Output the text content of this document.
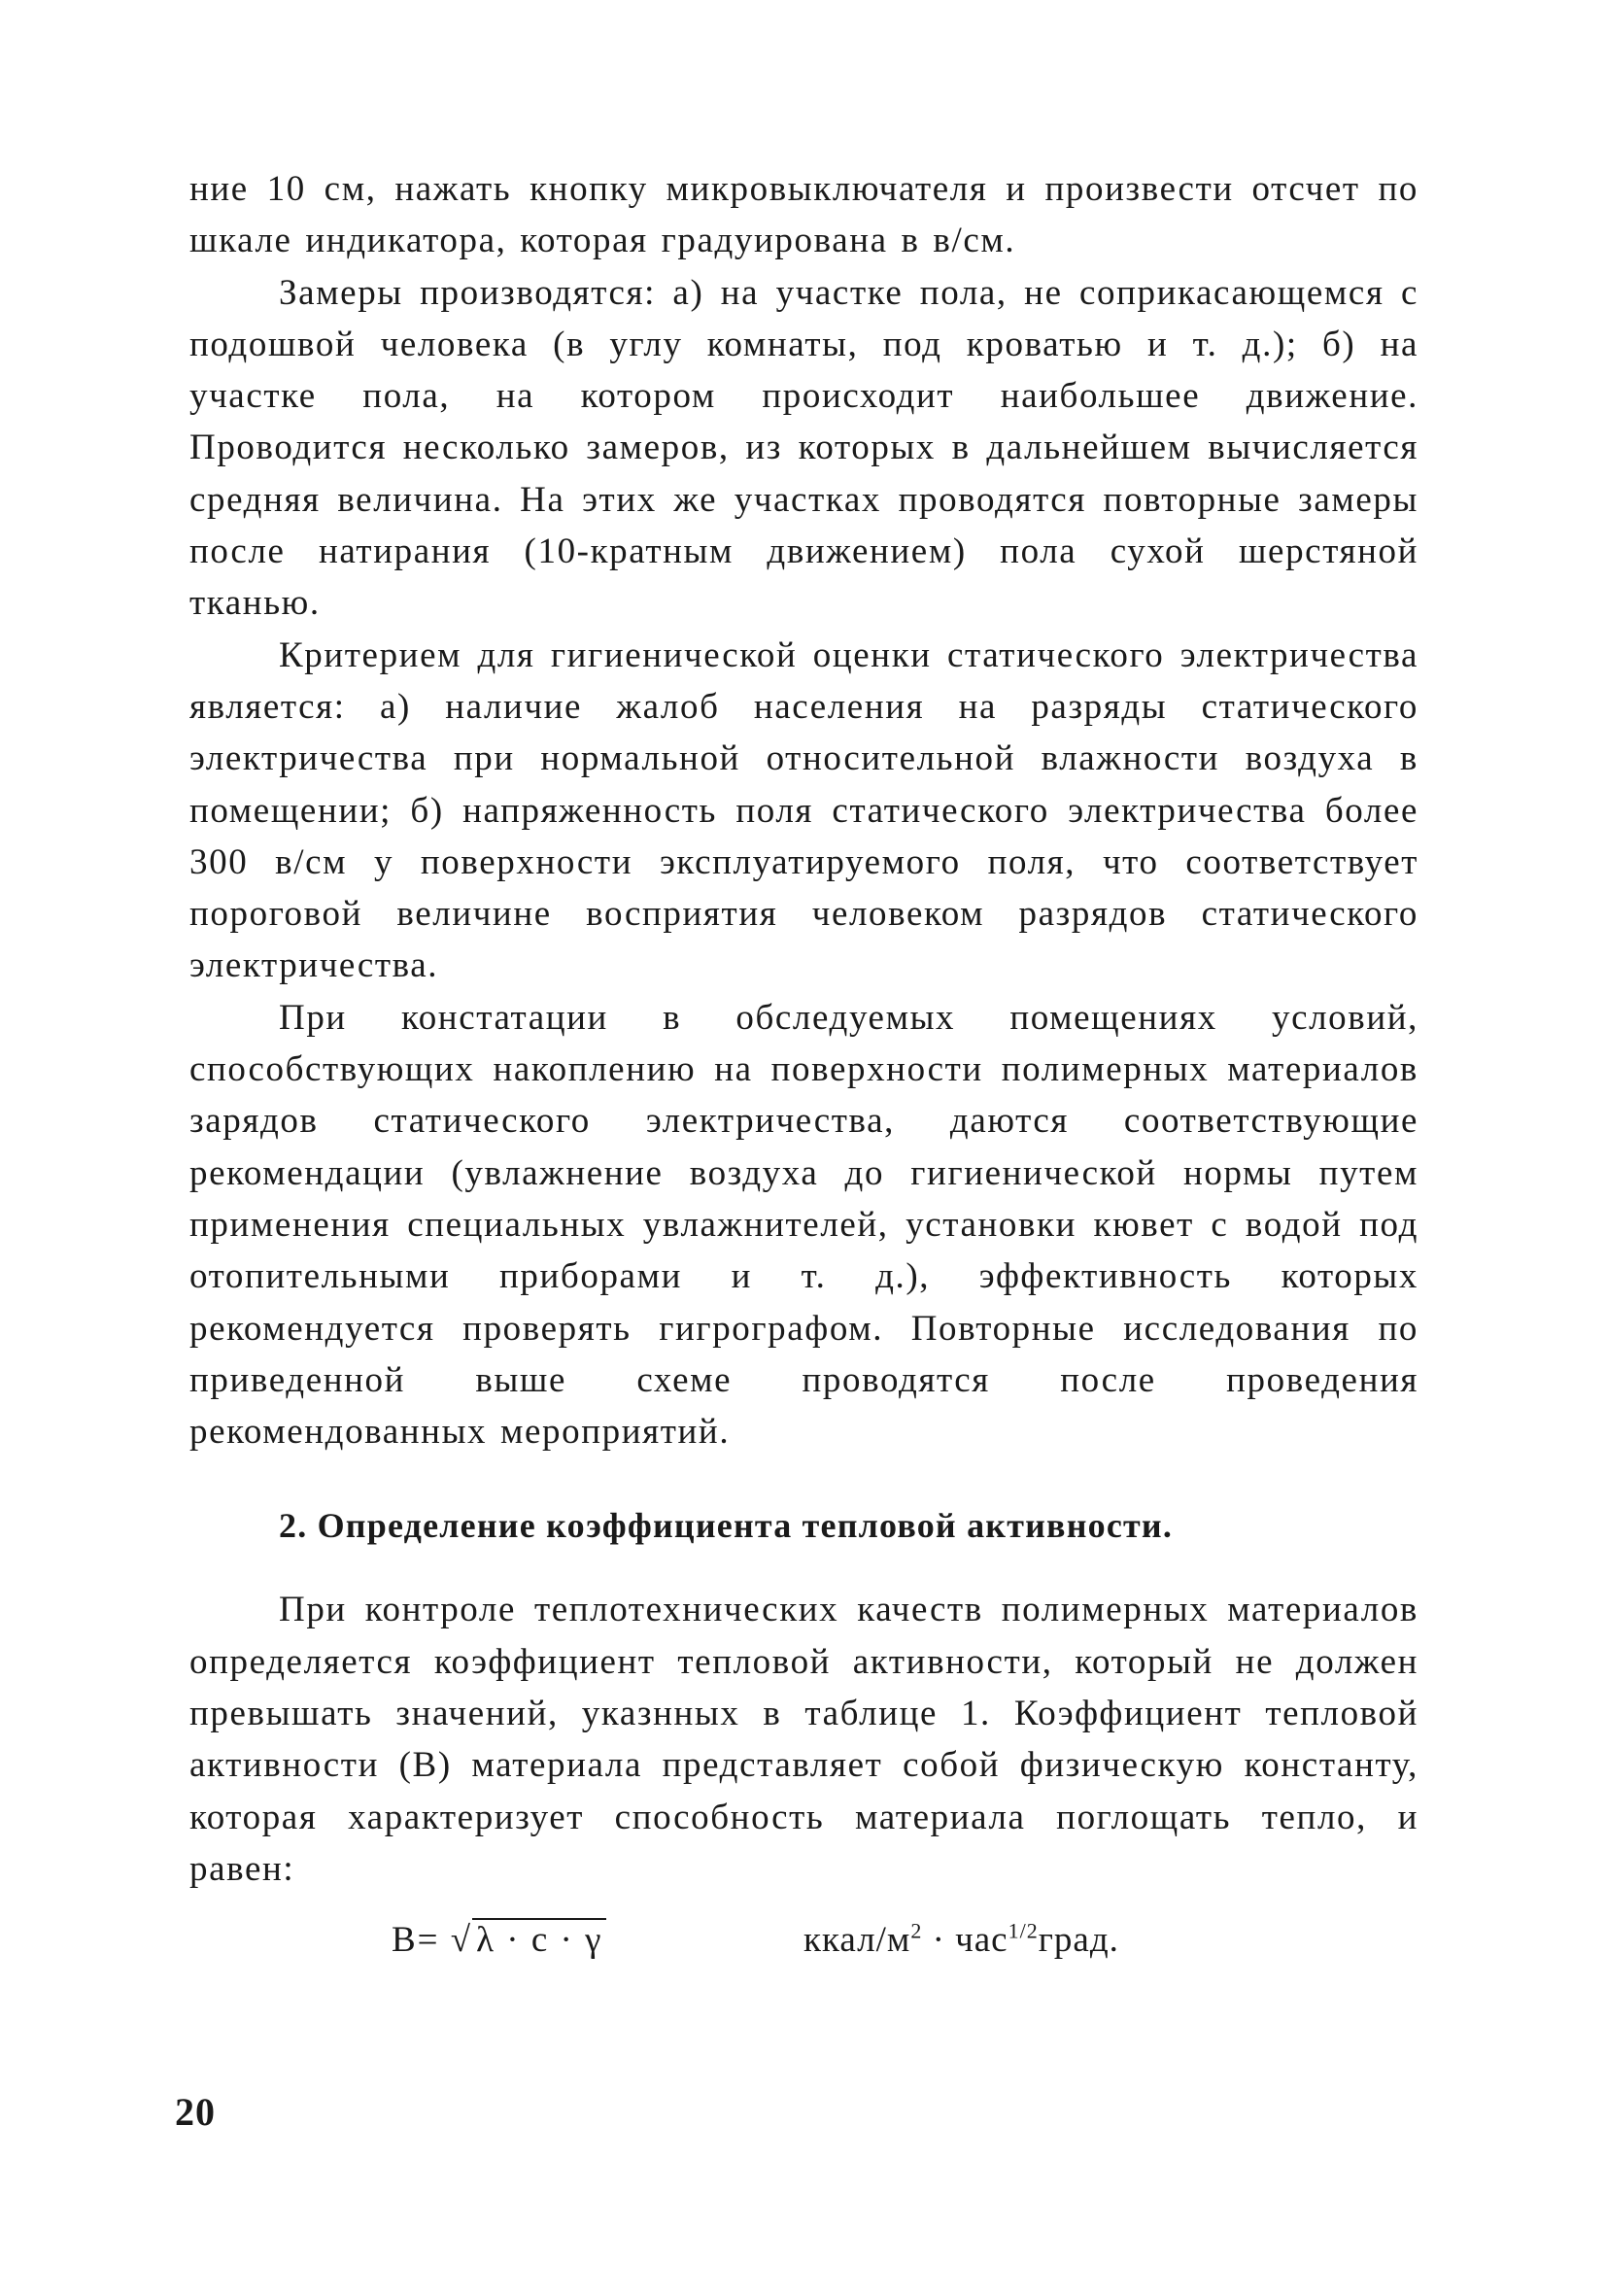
ние 10 см, нажать кнопку микровыключателя и произвести отсчет по шкале индикатора, которая градуирована в в/см.

Замеры производятся: а) на участке пола, не соприкасающемся с подошвой человека (в углу комнаты, под кроватью и т. д.); б) на участке пола, на котором происходит наибольшее движение. Проводится несколько замеров, из которых в дальнейшем вычисляется средняя величина. На этих же участках проводятся повторные замеры после натирания (10-кратным движением) пола сухой шерстяной тканью.

Критерием для гигиенической оценки статического электричества является: а) наличие жалоб населения на разряды статического электричества при нормальной относительной влажности воздуха в помещении; б) напряженность поля статического электричества более 300 в/см у поверхности эксплуатируемого поля, что соответствует пороговой величине восприятия человеком разрядов статического электричества.

При констатации в обследуемых помещениях условий, способствующих накоплению на поверхности полимерных материалов зарядов статического электричества, даются соответствующие рекомендации (увлажнение воздуха до гигиенической нормы путем применения специальных увлажнителей, установки кювет с водой под отопительными приборами и т. д.), эффективность которых рекомендуется проверять гигрографом. Повторные исследования по приведенной выше схеме проводятся после проведения рекомендованных мероприятий.

2. Определение коэффициента тепловой активности.

При контроле теплотехнических качеств полимерных материалов определяется коэффициент тепловой активности, который не должен превышать значений, указнных в таблице 1. Коэффициент тепловой активности (В) материала представляет собой физическую константу, которая характеризует способность материала поглощать тепло, и равен:

В= √ λ · c · γ	ккал/$м^2$ · час$^{1/2}$град.
20
